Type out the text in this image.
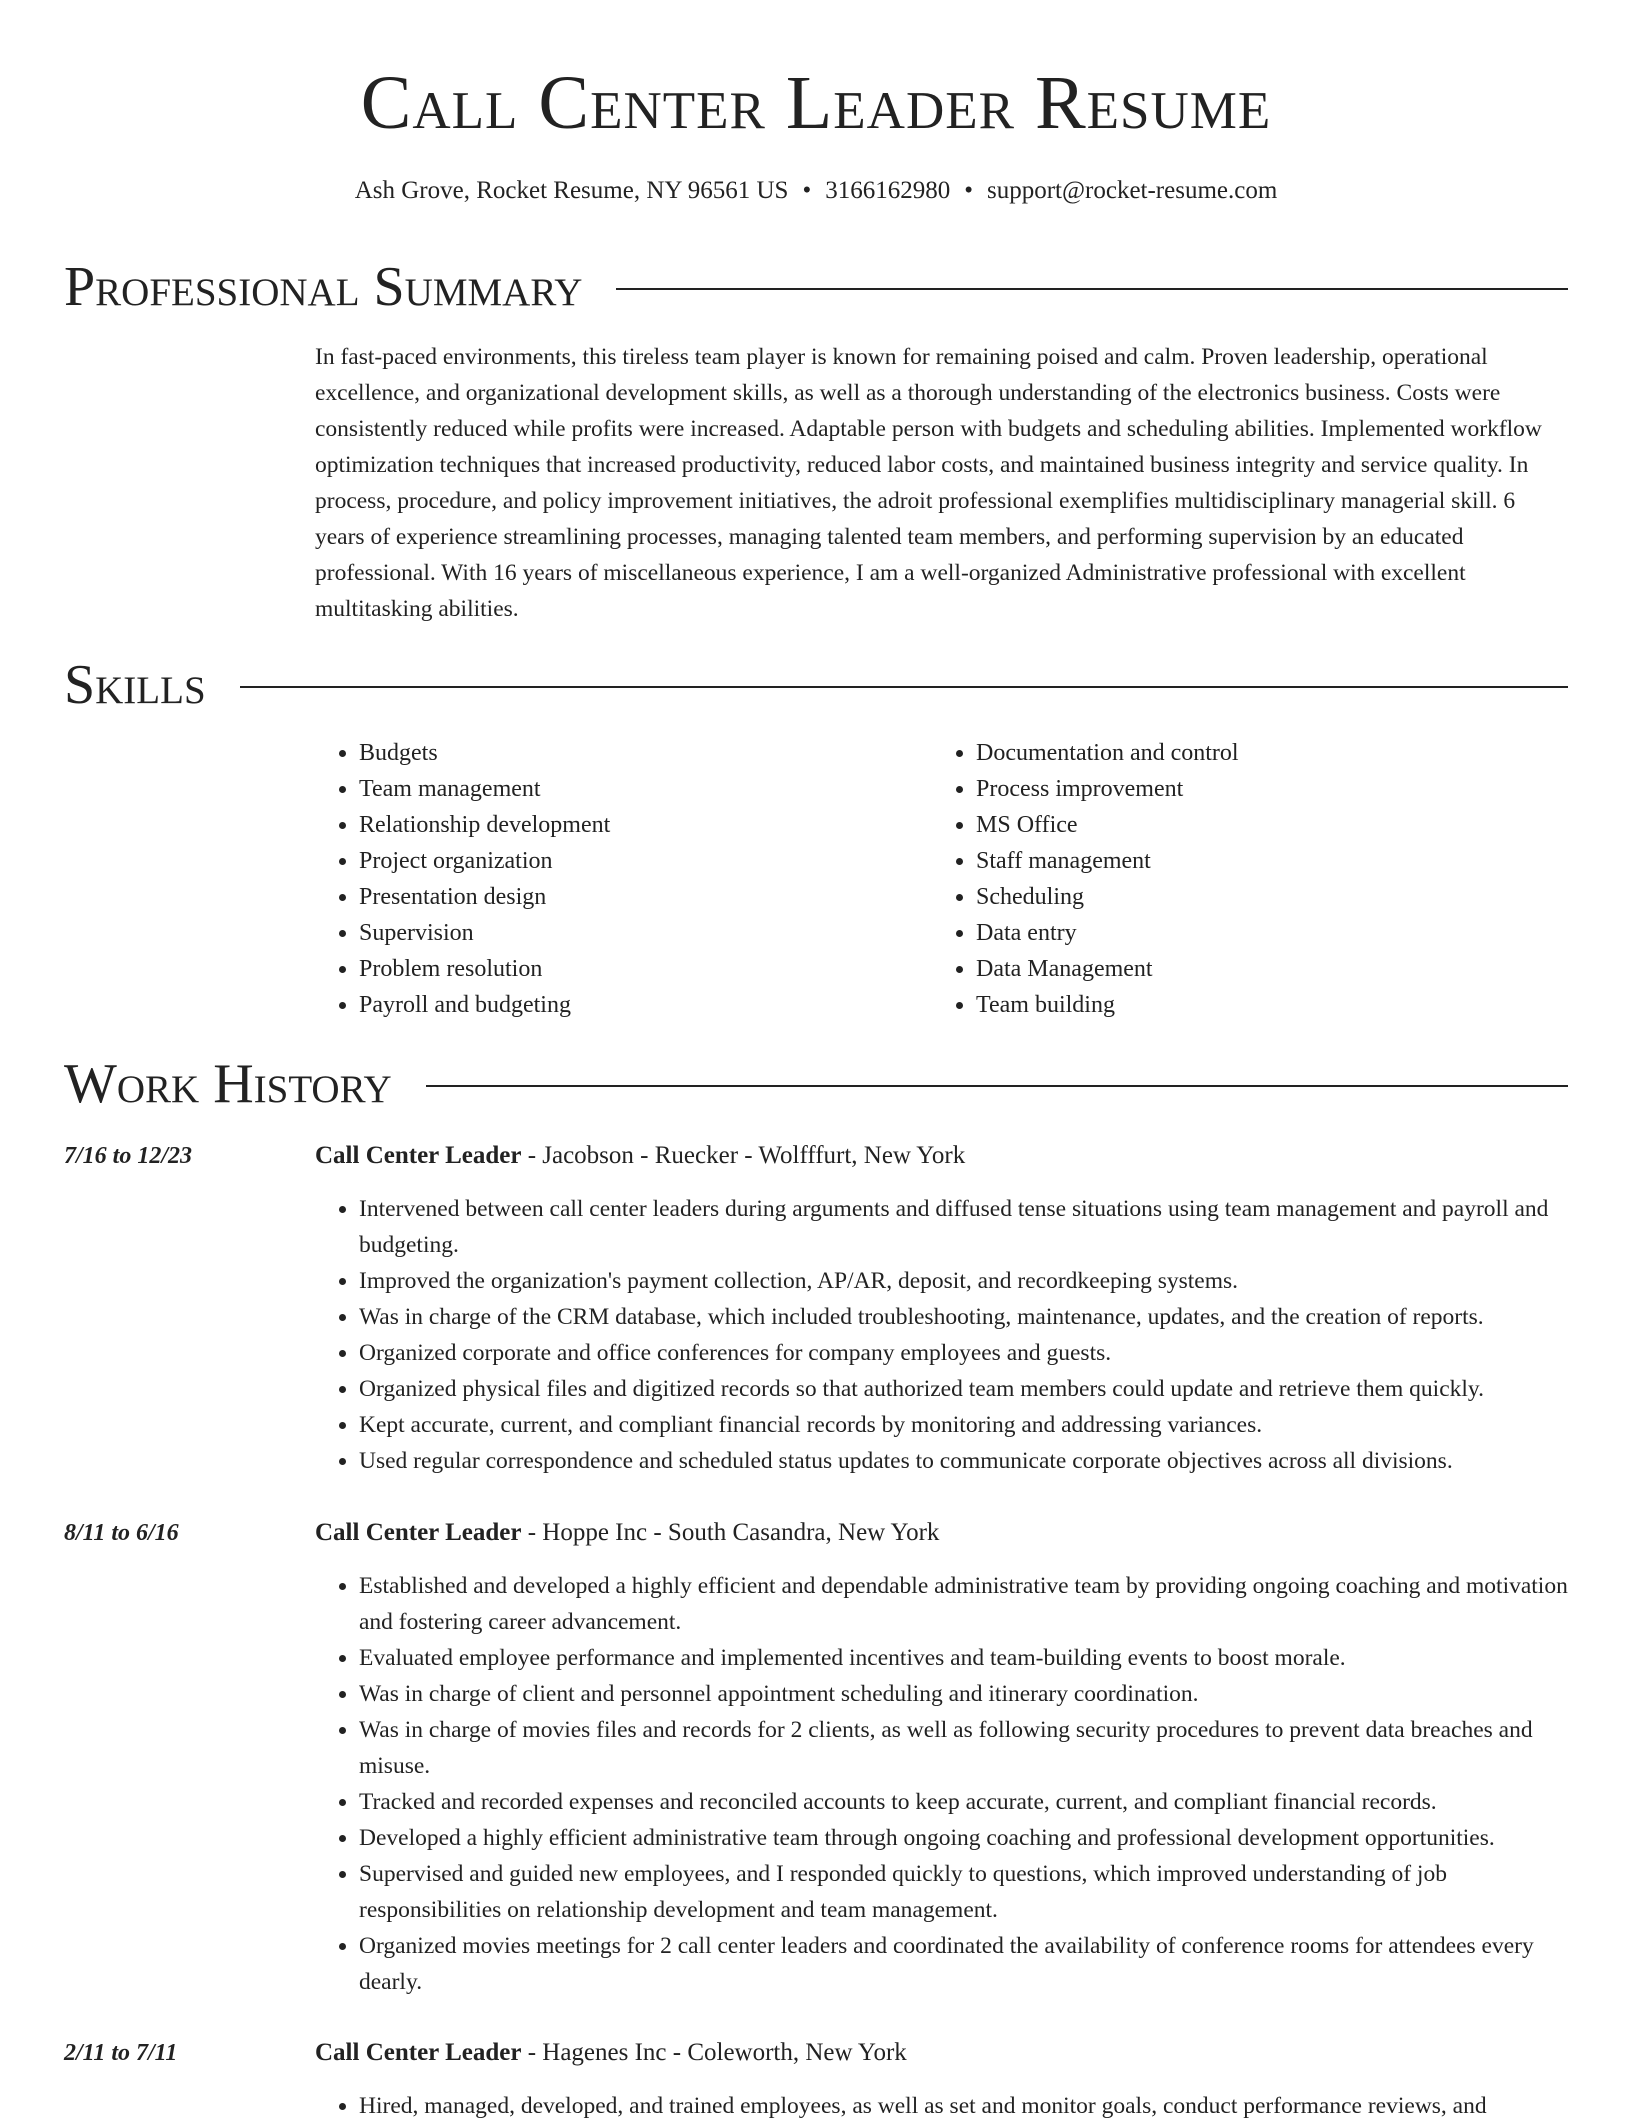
Call Center Leader Resume
Ash Grove, Rocket Resume, NY 96561 US • 3166162980 • support@rocket-resume.com
Professional Summary

In fast-paced environments, this tireless team player is known for remaining poised and calm. Proven leadership, operational excellence, and organizational development skills, as well as a thorough understanding of the electronics business. Costs were consistently reduced while profits were increased. Adaptable person with budgets and scheduling abilities. Implemented workflow optimization techniques that increased productivity, reduced labor costs, and maintained business integrity and service quality. In process, procedure, and policy improvement initiatives, the adroit professional exemplifies multidisciplinary managerial skill. 6 years of experience streamlining processes, managing talented team members, and performing supervision by an educated professional. With 16 years of miscellaneous experience, I am a well-organized Administrative professional with excellent multitasking abilities.

Skills
• Budgets
• Team management
• Relationship development
• Project organization
• Presentation design
• Supervision
• Problem resolution
• Payroll and budgeting
• Documentation and control
• Process improvement
• MS Office
• Staff management
• Scheduling
• Data entry
• Data Management
• Team building
Work History
7/16 to 12/23	Call Center Leader - Jacobson - Ruecker - Wolfffurt, New York
• Intervened between call center leaders during arguments and diffused tense situations using team management and payroll and budgeting.
• Improved the organization's payment collection, AP/AR, deposit, and recordkeeping systems.
• Was in charge of the CRM database, which included troubleshooting, maintenance, updates, and the creation of reports.
• Organized corporate and office conferences for company employees and guests.
• Organized physical files and digitized records so that authorized team members could update and retrieve them quickly.
• Kept accurate, current, and compliant financial records by monitoring and addressing variances.
• Used regular correspondence and scheduled status updates to communicate corporate objectives across all divisions.
8/11 to 6/16	Call Center Leader - Hoppe Inc - South Casandra, New York
• Established and developed a highly efficient and dependable administrative team by providing ongoing coaching and motivation and fostering career advancement.
• Evaluated employee performance and implemented incentives and team-building events to boost morale.
• Was in charge of client and personnel appointment scheduling and itinerary coordination.
• Was in charge of movies files and records for 2 clients, as well as following security procedures to prevent data breaches and misuse.
• Tracked and recorded expenses and reconciled accounts to keep accurate, current, and compliant financial records.
• Developed a highly efficient administrative team through ongoing coaching and professional development opportunities.
• Supervised and guided new employees, and I responded quickly to questions, which improved understanding of job responsibilities on relationship development and team management.
• Organized movies meetings for 2 call center leaders and coordinated the availability of conference rooms for attendees every dearly.
2/11 to 7/11	Call Center Leader - Hagenes Inc - Coleworth, New York
• Hired, managed, developed, and trained employees, as well as set and monitor goals, conduct performance reviews, and
